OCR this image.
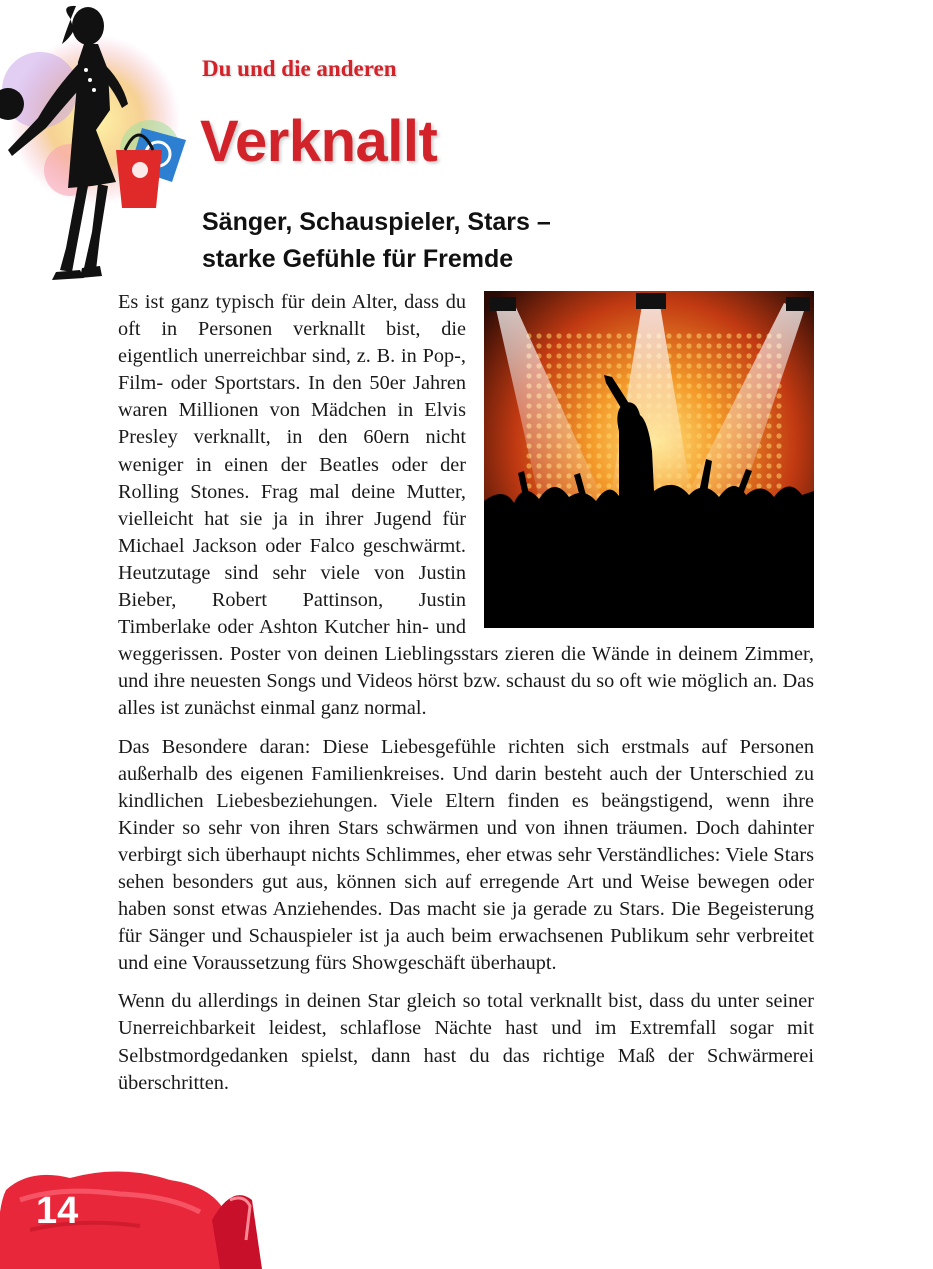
Du und die anderen
Verknallt
Sänger, Schauspieler, Stars –
starke Gefühle für Fremde

Es ist ganz typisch für dein Alter, dass du oft in Personen verknallt bist, die eigentlich unerreichbar sind, z. B. in Pop-, Film- oder Sportstars. In den 50er Jahren waren Millionen von Mädchen in Elvis Presley verknallt, in den 60ern nicht weniger in einen der Beatles oder der Rolling Stones. Frag mal deine Mutter, vielleicht hat sie ja in ihrer Jugend für Michael Jackson oder Falco geschwärmt. Heutzutage sind sehr viele von Justin Bieber, Robert Pattinson, Justin Timberlake oder Ashton Kutcher hin- und weggerissen. Poster von deinen Lieblingsstars zieren die Wände in deinem Zimmer, und ihre neuesten Songs und Videos hörst bzw. schaust du so oft wie möglich an. Das alles ist zunächst einmal ganz normal.

Das Besondere daran: Diese Liebesgefühle richten sich erstmals auf Personen außerhalb des eigenen Familienkreises. Und darin besteht auch der Unterschied zu kindlichen Liebesbeziehungen. Viele Eltern finden es beängstigend, wenn ihre Kinder so sehr von ihren Stars schwärmen und von ihnen träumen. Doch dahinter verbirgt sich überhaupt nichts Schlimmes, eher etwas sehr Verständliches: Viele Stars sehen besonders gut aus, können sich auf erregende Art und Weise bewegen oder haben sonst etwas Anziehendes. Das macht sie ja gerade zu Stars. Die Begeisterung für Sänger und Schauspieler ist ja auch beim erwachsenen Publikum sehr verbreitet und eine Voraussetzung fürs Showgeschäft überhaupt.

Wenn du allerdings in deinen Star gleich so total verknallt bist, dass du unter seiner Unerreichbarkeit leidest, schlaflose Nächte hast und im Extremfall sogar mit Selbstmordgedanken spielst, dann hast du das richtige Maß der Schwärmerei überschritten.

14
